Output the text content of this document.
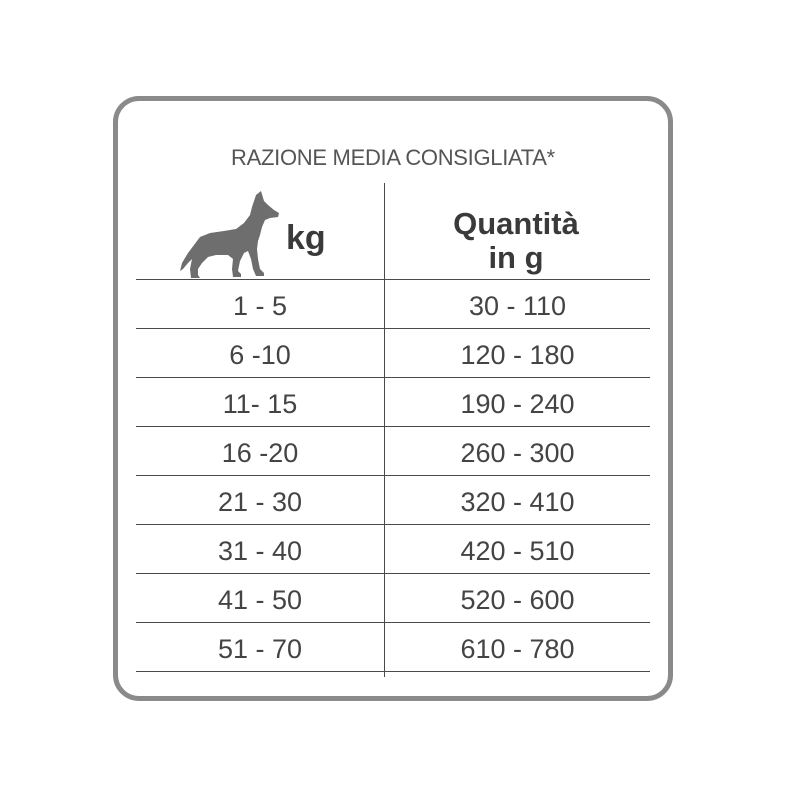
RAZIONE MEDIA CONSIGLIATA*
kg	Quantità
in g
1 - 5	30 - 110
6 -10	120 - 180
11- 15	190 - 240
16 -20	260 - 300
21 - 30	320 - 410
31 - 40	420 - 510
41 - 50	520 - 600
51 - 70	610 - 780
